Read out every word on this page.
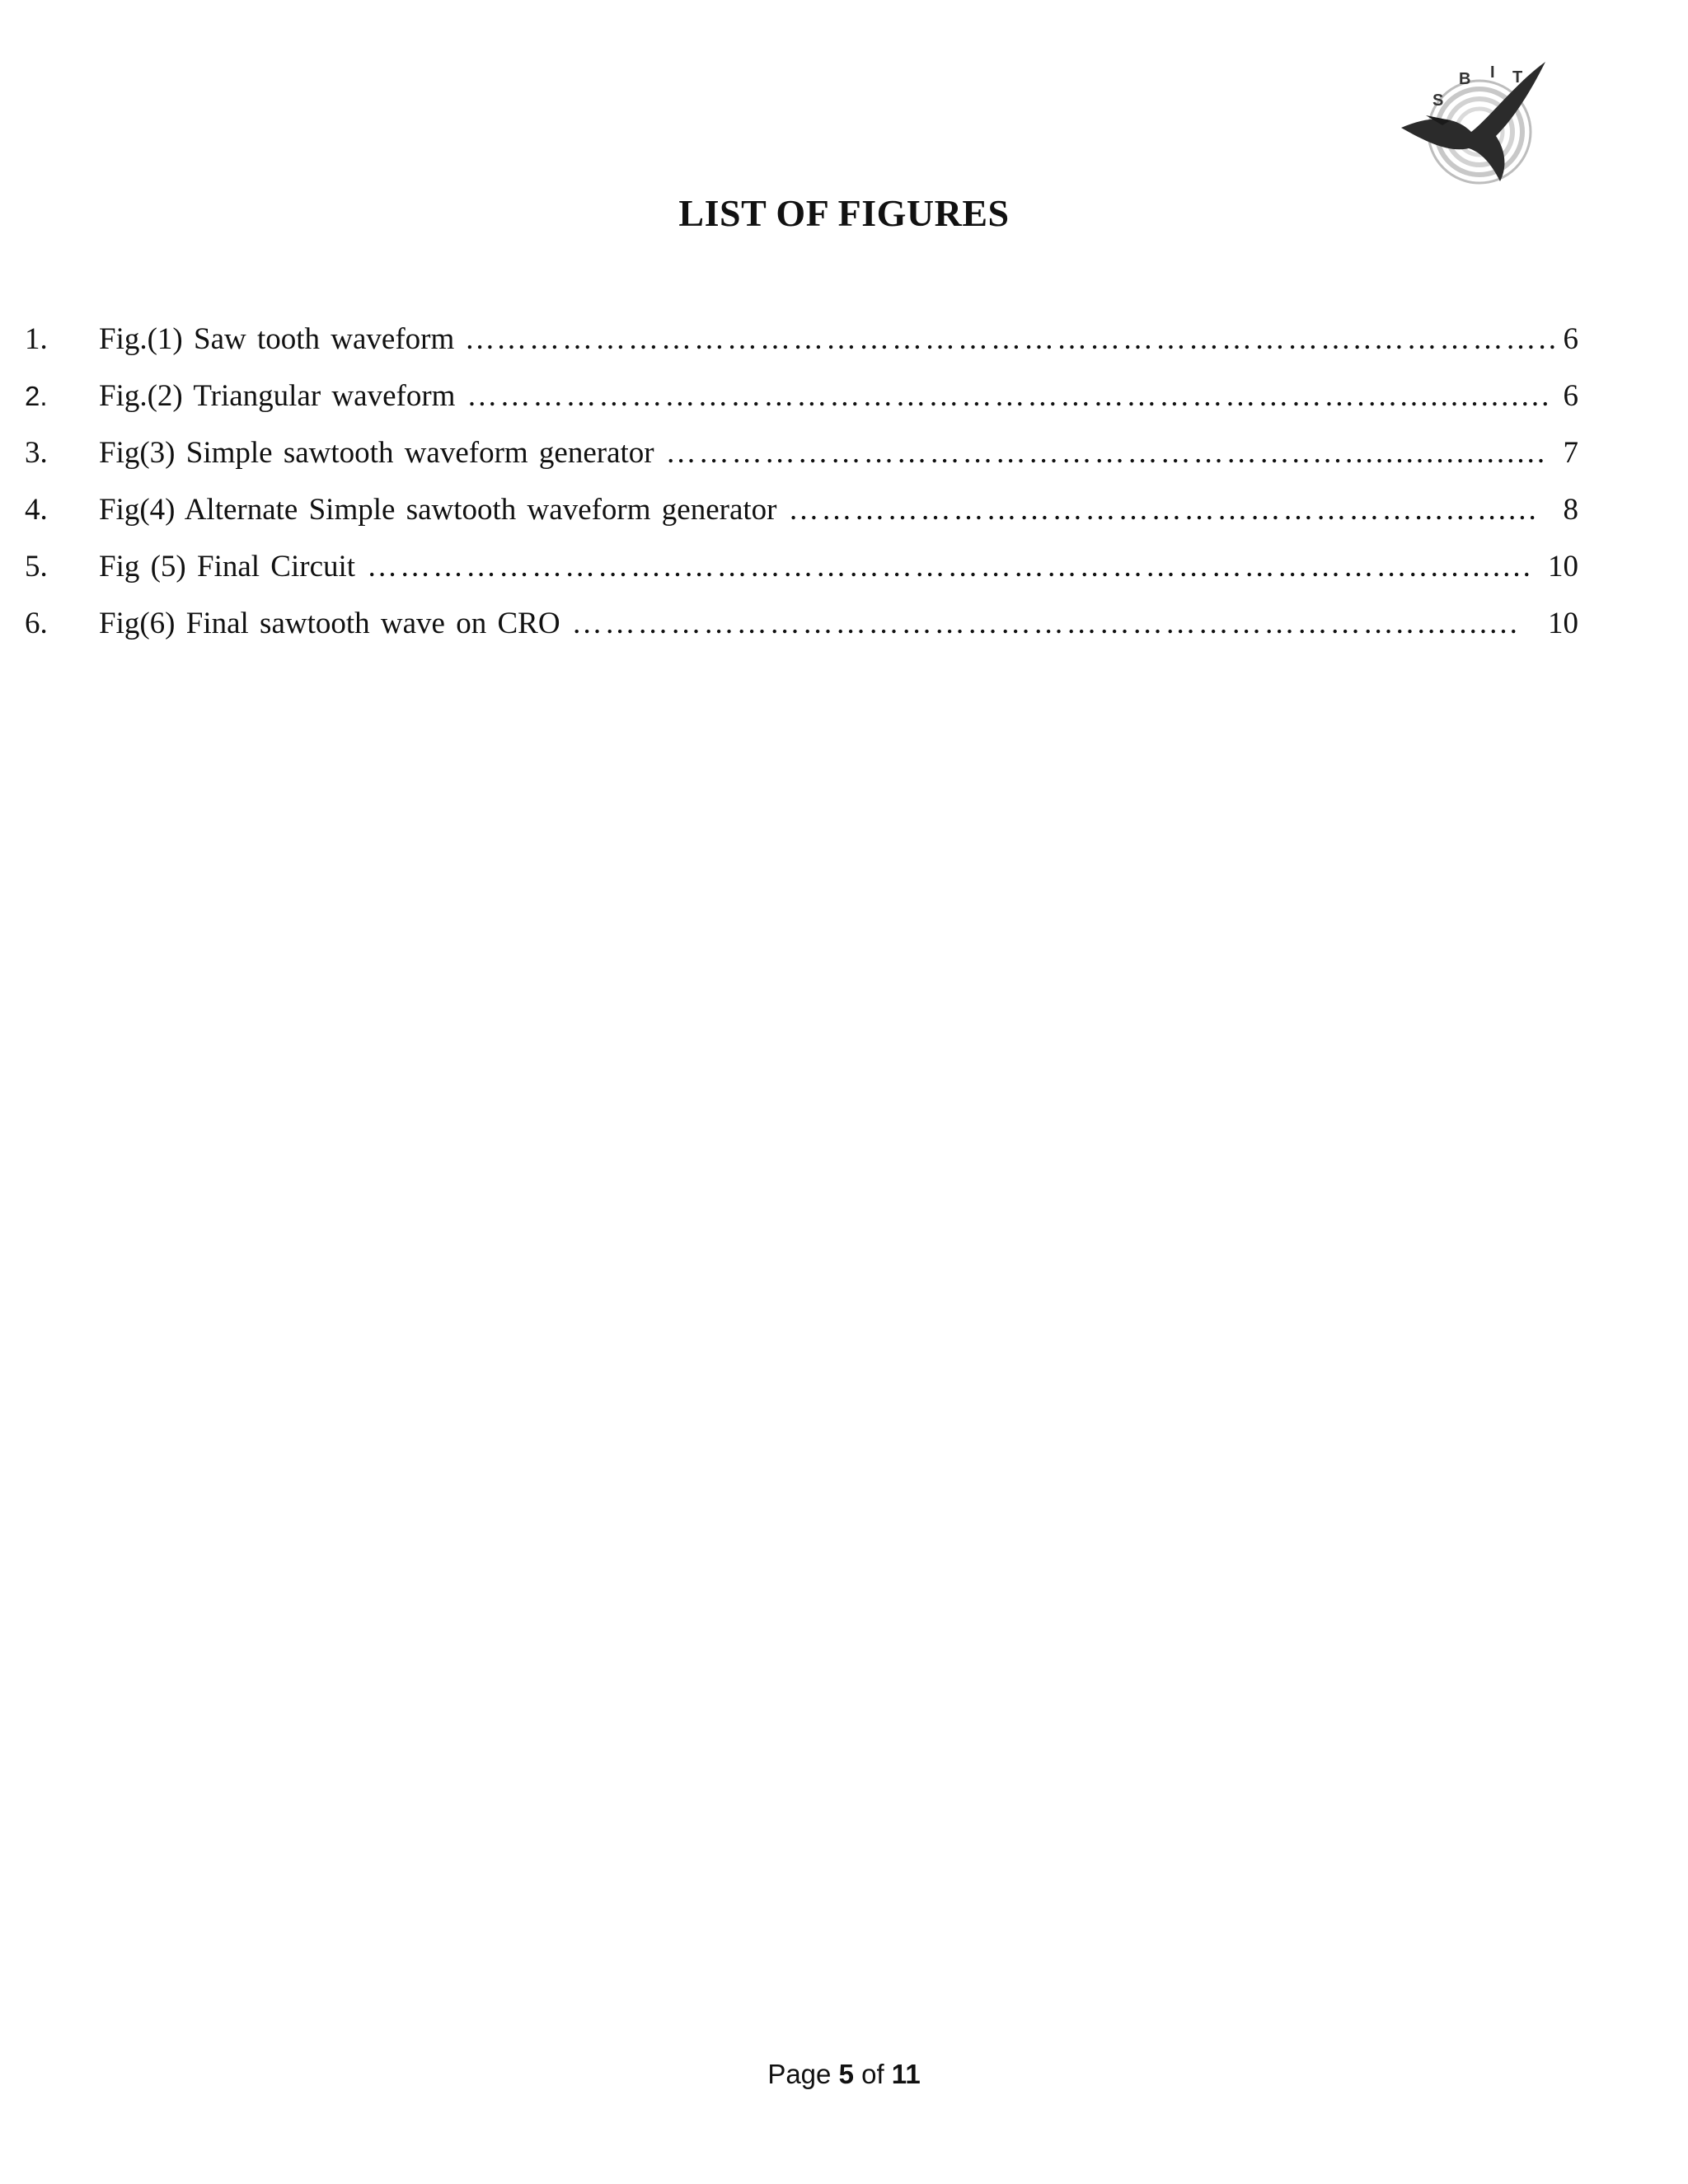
S
B I T
LIST OF FIGURES
1.	Fig.(1) Saw tooth waveform ...……………………………………………………………………..…………….. 6
2.	Fig.(2) Triangular waveform ……………………………………………………………………….…............... 6
3.	Fig(3) Simple sawtooth waveform generator …………………………………………………..….................... 7
4.	Fig(4) Alternate Simple sawtooth waveform generator …………………………………………………...…...... 8
5.	Fig (5) Final Circuit ………………………..…………………………………………………………..…....... 10
6.	Fig(6) Final sawtooth wave on CRO …………………………………………………………………..…....... 10
Page 5 of 11
